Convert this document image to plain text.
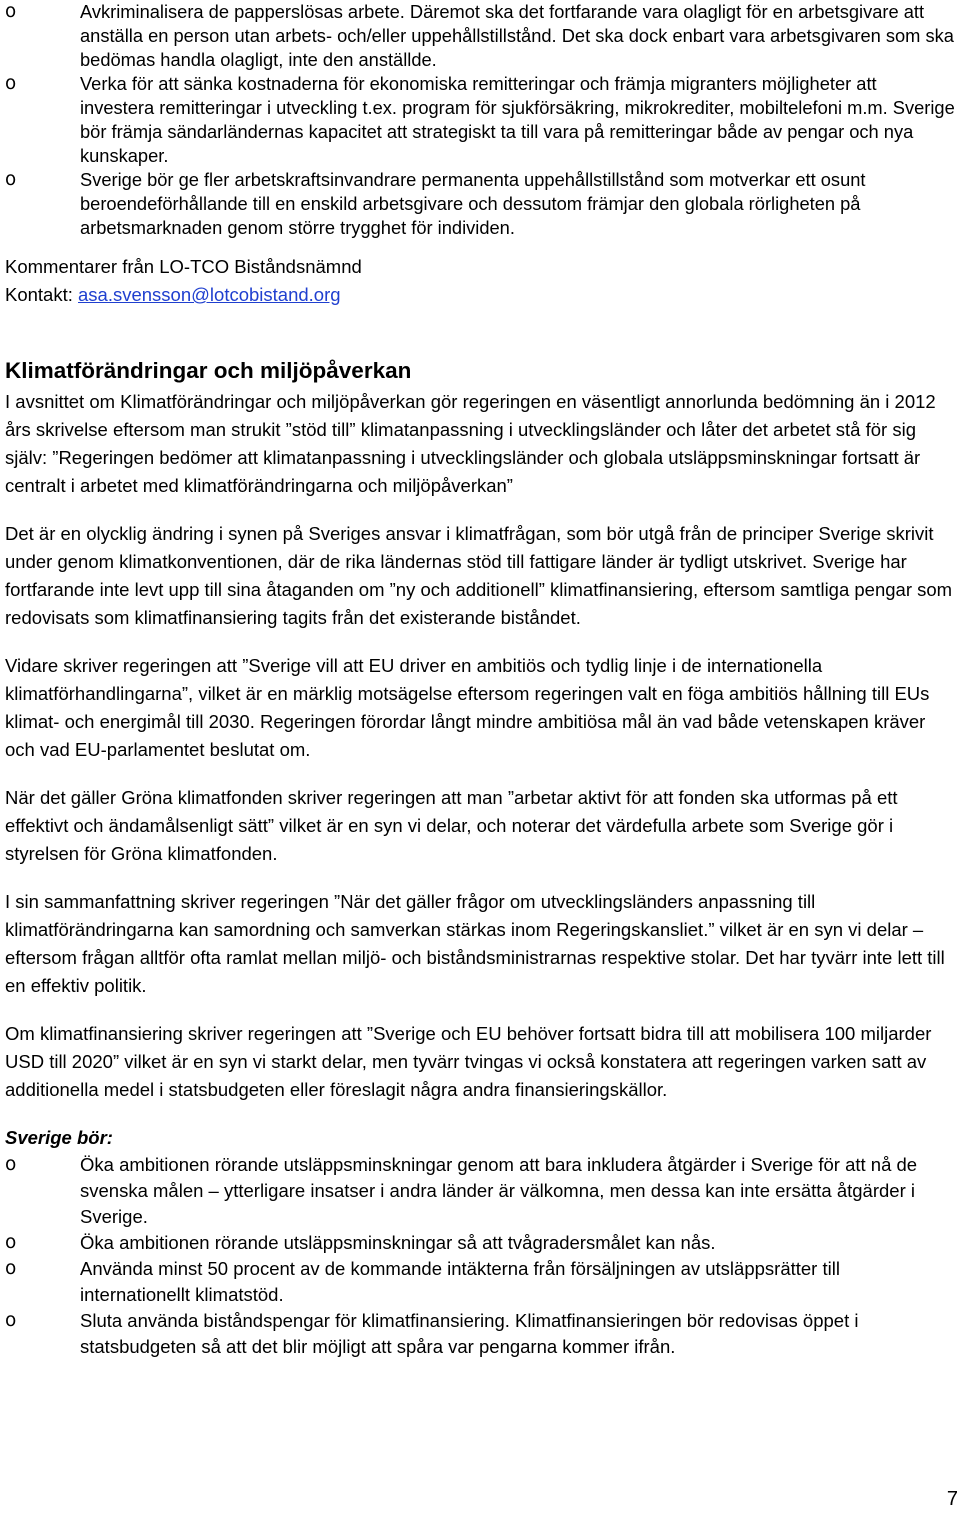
o	Avkriminalisera de papperslösas arbete. Däremot ska det fortfarande vara olagligt för en arbetsgivare att anställa en person utan arbets- och/eller uppehållstillstånd. Det ska dock enbart vara arbetsgivaren som ska bedömas handla olagligt, inte den anställde.
o	Verka för att sänka kostnaderna för ekonomiska remitteringar och främja migranters möjligheter att investera remitteringar i utveckling t.ex. program för sjukförsäkring, mikrokrediter, mobiltelefoni m.m. Sverige bör främja sändarländernas kapacitet att strategiskt ta till vara på remitteringar både av pengar och nya kunskaper.
o	Sverige bör ge fler arbetskraftsinvandrare permanenta uppehållstillstånd som motverkar ett osunt beroendeförhållande till en enskild arbetsgivare och dessutom främjar den globala rörligheten på arbetsmarknaden genom större trygghet för individen.
Kommentarer från LO-TCO Biståndsnämnd
Kontakt: asa.svensson@lotcobistand.org
Klimatförändringar och miljöpåverkan

I avsnittet om Klimatförändringar och miljöpåverkan gör regeringen en väsentligt annorlunda bedömning än i 2012 års skrivelse eftersom man strukit ”stöd till” klimatanpassning i utvecklingsländer och låter det arbetet stå för sig själv: ”Regeringen bedömer att klimatanpassning i utvecklingsländer och globala utsläppsminskningar fortsatt är centralt i arbetet med klimatförändringarna och miljöpåverkan”

Det är en olycklig ändring i synen på Sveriges ansvar i klimatfrågan, som bör utgå från de principer Sverige skrivit under genom klimatkonventionen, där de rika ländernas stöd till fattigare länder är tydligt utskrivet. Sverige har fortfarande inte levt upp till sina åtaganden om ”ny och additionell” klimatfinansiering, eftersom samtliga pengar som redovisats som klimatfinansiering tagits från det existerande biståndet.

Vidare skriver regeringen att ”Sverige vill att EU driver en ambitiös och tydlig linje i de internationella klimatförhandlingarna”, vilket är en märklig motsägelse eftersom regeringen valt en föga ambitiös hållning till EUs klimat- och energimål till 2030. Regeringen förordar långt mindre ambitiösa mål än vad både vetenskapen kräver och vad EU-parlamentet beslutat om.

När det gäller Gröna klimatfonden skriver regeringen att man ”arbetar aktivt för att fonden ska utformas på ett effektivt och ändamålsenligt sätt” vilket är en syn vi delar, och noterar det värdefulla arbete som Sverige gör i styrelsen för Gröna klimatfonden.

I sin sammanfattning skriver regeringen ”När det gäller frågor om utvecklingsländers anpassning till klimatförändringarna kan samordning och samverkan stärkas inom Regeringskansliet.” vilket är en syn vi delar – eftersom frågan alltför ofta ramlat mellan miljö- och biståndsministrarnas respektive stolar. Det har tyvärr inte lett till en effektiv politik.

Om klimatfinansiering skriver regeringen att ”Sverige och EU behöver fortsatt bidra till att mobilisera 100 miljarder USD till 2020” vilket är en syn vi starkt delar, men tyvärr tvingas vi också konstatera att regeringen varken satt av additionella medel i statsbudgeten eller föreslagit några andra finansieringskällor.

Sverige bör:
o	Öka ambitionen rörande utsläppsminskningar genom att bara inkludera åtgärder i Sverige för att nå de svenska målen – ytterligare insatser i andra länder är välkomna, men dessa kan inte ersätta åtgärder i Sverige.
o	Öka ambitionen rörande utsläppsminskningar så att tvågradersmålet kan nås.
o	Använda minst 50 procent av de kommande intäkterna från försäljningen av utsläppsrätter till internationellt klimatstöd.
o	Sluta använda biståndspengar för klimatfinansiering. Klimatfinansieringen bör redovisas öppet i statsbudgeten så att det blir möjligt att spåra var pengarna kommer ifrån.
7
